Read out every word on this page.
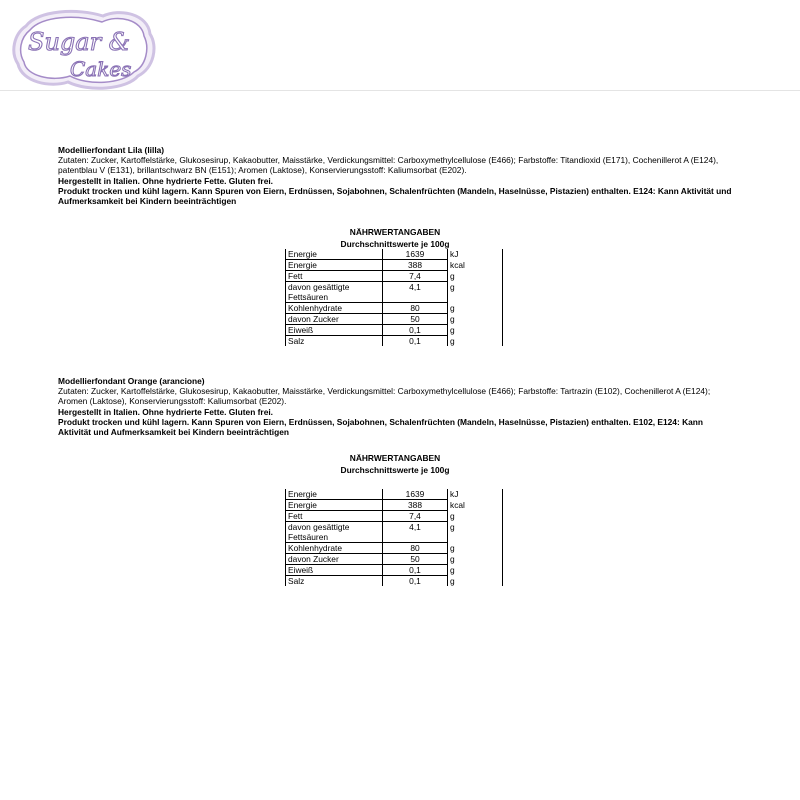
Sugar &
Cakes

Modellierfondant Lila (lilla)

Zutaten: Zucker, Kartoffelstärke, Glukosesirup, Kakaobutter, Maisstärke, Verdickungsmittel: Carboxymethylcellulose (E466); Farbstoffe: Titandioxid (E171), Cochenillerot A (E124), patentblau V (E131), brillantschwarz BN (E151); Aromen (Laktose), Konservierungsstoff: Kaliumsorbat (E202).

Hergestellt in Italien. Ohne hydrierte Fette. Gluten frei.

Produkt trocken und kühl lagern. Kann Spuren von Eiern, Erdnüssen, Sojabohnen, Schalenfrüchten (Mandeln, Haselnüsse, Pistazien) enthalten. E124: Kann Aktivität und Aufmerksamkeit bei Kindern beeinträchtigen

NÄHRWERTANGABEN
Durchschnittswerte je 100g
Energie	1639	kJ
Energie	388	kcal
Fett	7,4	g
davon gesättigte Fettsäuren	4,1	g
Kohlenhydrate	80	g
davon Zucker	50	g
Eiweiß	0,1	g
Salz	0,1	g

Modellierfondant Orange (arancione)

Zutaten: Zucker, Kartoffelstärke, Glukosesirup, Kakaobutter, Maisstärke, Verdickungsmittel: Carboxymethylcellulose (E466); Farbstoffe: Tartrazin (E102), Cochenillerot A (E124); Aromen (Laktose), Konservierungsstoff: Kaliumsorbat (E202).

Hergestellt in Italien. Ohne hydrierte Fette. Gluten frei.

Produkt trocken und kühl lagern. Kann Spuren von Eiern, Erdnüssen, Sojabohnen, Schalenfrüchten (Mandeln, Haselnüsse, Pistazien) enthalten. E102, E124: Kann Aktivität und Aufmerksamkeit bei Kindern beeinträchtigen

NÄHRWERTANGABEN
Durchschnittswerte je 100g
Energie	1639	kJ
Energie	388	kcal
Fett	7,4	g
davon gesättigte Fettsäuren	4,1	g
Kohlenhydrate	80	g
davon Zucker	50	g
Eiweiß	0,1	g
Salz	0,1	g
